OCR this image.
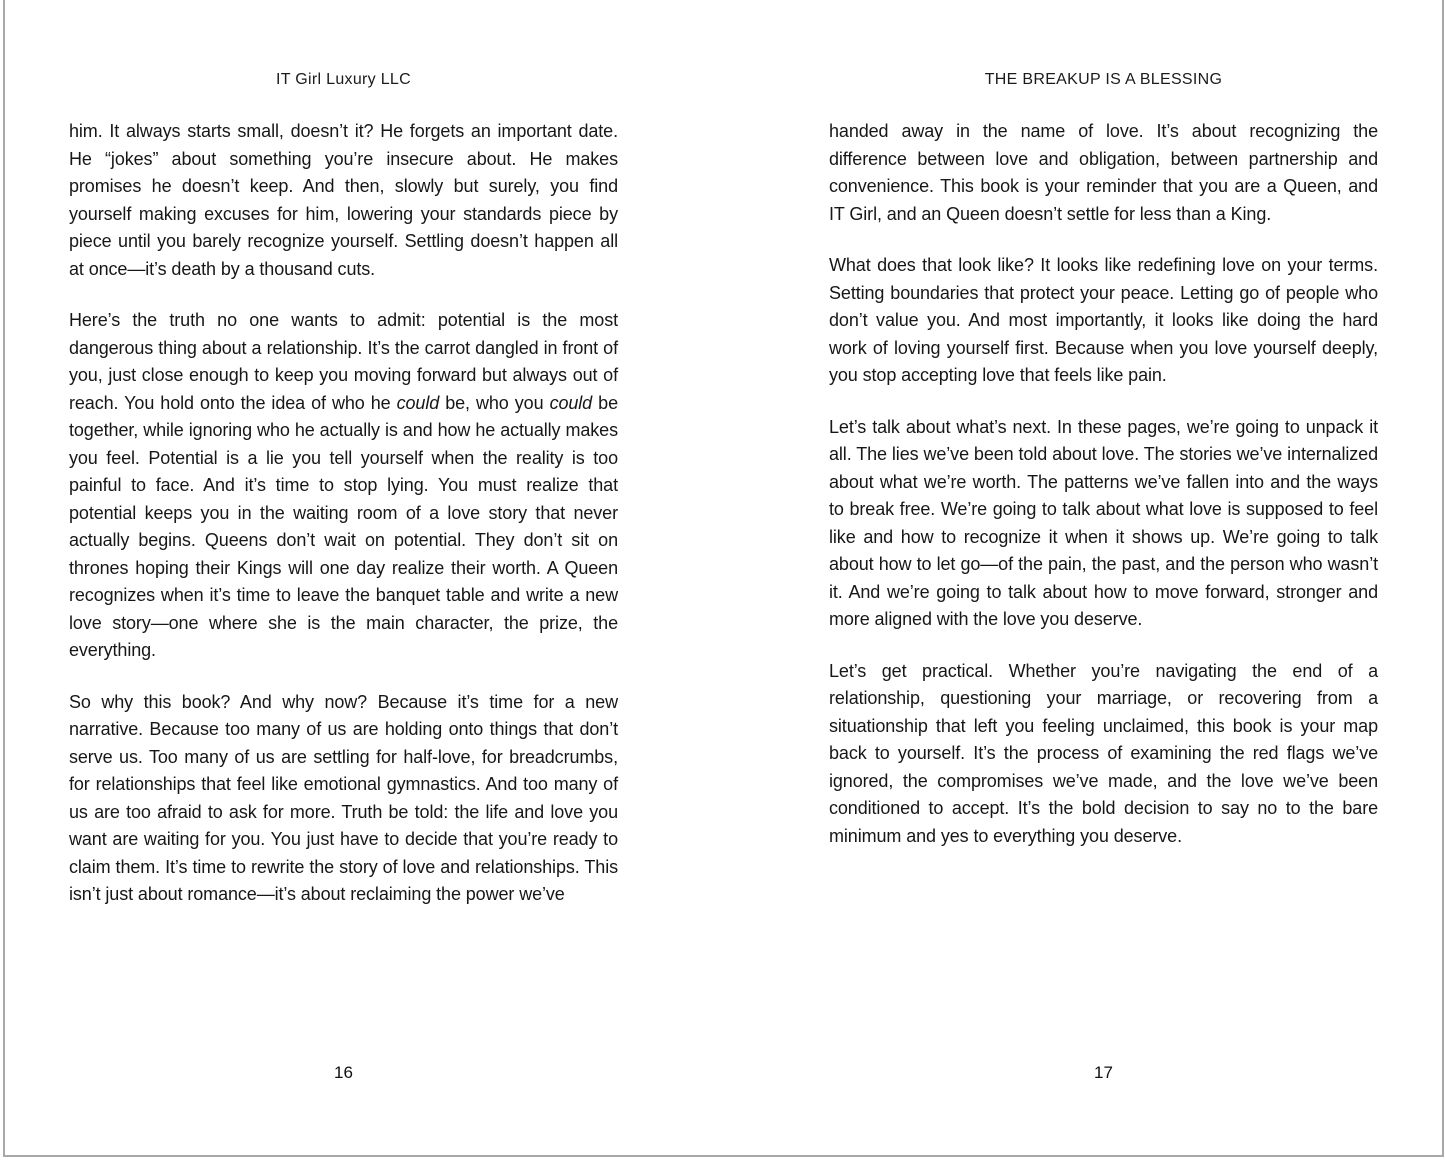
IT Girl Luxury LLC

him. It always starts small, doesn’t it? He forgets an important date. He “jokes” about something you’re insecure about. He makes promises he doesn’t keep. And then, slowly but surely, you find yourself making excuses for him, lowering your standards piece by piece until you barely recognize yourself. Settling doesn’t happen all at once—it’s death by a thousand cuts.

Here’s the truth no one wants to admit: potential is the most dangerous thing about a relationship. It’s the carrot dangled in front of you, just close enough to keep you moving forward but always out of reach. You hold onto the idea of who he could be, who you could be together, while ignoring who he actually is and how he actually makes you feel. Potential is a lie you tell yourself when the reality is too painful to face. And it’s time to stop lying. You must realize that potential keeps you in the waiting room of a love story that never actually begins. Queens don’t wait on potential. They don’t sit on thrones hoping their Kings will one day realize their worth. A Queen recognizes when it’s time to leave the banquet table and write a new love story—one where she is the main character, the prize, the everything.

So why this book? And why now? Because it’s time for a new narrative. Because too many of us are holding onto things that don’t serve us. Too many of us are settling for half-love, for breadcrumbs, for relationships that feel like emotional gymnastics. And too many of us are too afraid to ask for more. Truth be told: the life and love you want are waiting for you. You just have to decide that you’re ready to claim them. It’s time to rewrite the story of love and relationships. This isn’t just about romance—it’s about reclaiming the power we’ve

16
THE BREAKUP IS A BLESSING

handed away in the name of love. It’s about recognizing the difference between love and obligation, between partnership and convenience. This book is your reminder that you are a Queen, and IT Girl, and an Queen doesn’t settle for less than a King.

What does that look like? It looks like redefining love on your terms. Setting boundaries that protect your peace. Letting go of people who don’t value you. And most importantly, it looks like doing the hard work of loving yourself first. Because when you love yourself deeply, you stop accepting love that feels like pain.

Let’s talk about what’s next. In these pages, we’re going to unpack it all. The lies we’ve been told about love. The stories we’ve internalized about what we’re worth. The patterns we’ve fallen into and the ways to break free. We’re going to talk about what love is supposed to feel like and how to recognize it when it shows up. We’re going to talk about how to let go—of the pain, the past, and the person who wasn’t it. And we’re going to talk about how to move forward, stronger and more aligned with the love you deserve.

Let’s get practical. Whether you’re navigating the end of a relationship, questioning your marriage, or recovering from a situationship that left you feeling unclaimed, this book is your map back to yourself. It’s the process of examining the red flags we’ve ignored, the compromises we’ve made, and the love we’ve been conditioned to accept. It’s the bold decision to say no to the bare minimum and yes to everything you deserve.

17
